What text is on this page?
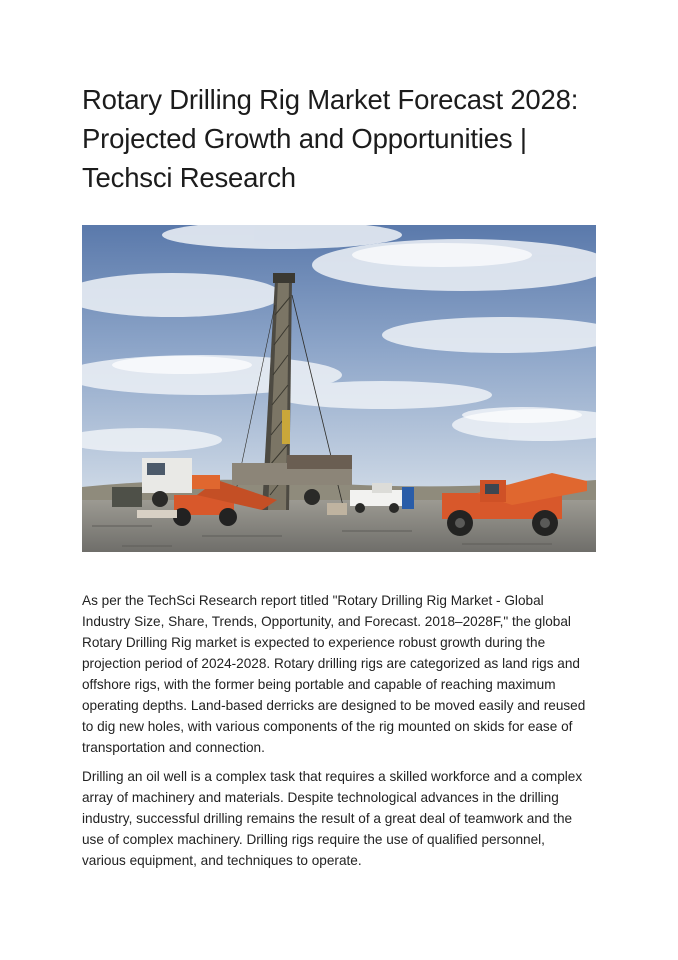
Rotary Drilling Rig Market Forecast 2028: Projected Growth and Opportunities | Techsci Research

As per the TechSci Research report titled "Rotary Drilling Rig Market - Global Industry Size, Share, Trends, Opportunity, and Forecast. 2018–2028F," the global Rotary Drilling Rig market is expected to experience robust growth during the projection period of 2024-2028. Rotary drilling rigs are categorized as land rigs and offshore rigs, with the former being portable and capable of reaching maximum operating depths. Land-based derricks are designed to be moved easily and reused to dig new holes, with various components of the rig mounted on skids for ease of transportation and connection.

Drilling an oil well is a complex task that requires a skilled workforce and a complex array of machinery and materials. Despite technological advances in the drilling industry, successful drilling remains the result of a great deal of teamwork and the use of complex machinery. Drilling rigs require the use of qualified personnel, various equipment, and techniques to operate.
